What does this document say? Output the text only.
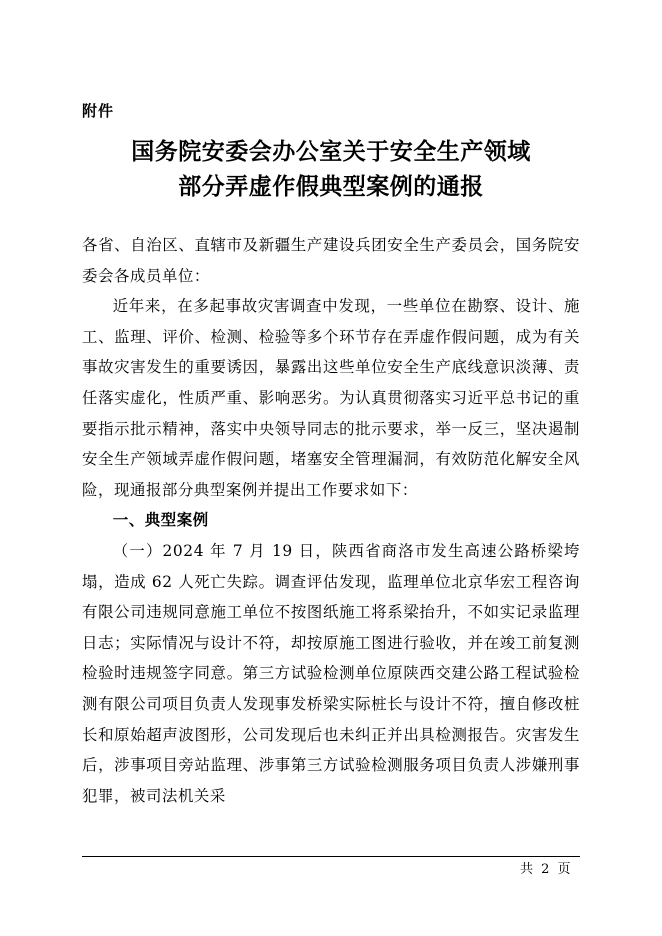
附件
国务院安委会办公室关于安全生产领域
部分弄虚作假典型案例的通报

各省、自治区、直辖市及新疆生产建设兵团安全生产委员会，国务院安委会各成员单位：

近年来，在多起事故灾害调查中发现，一些单位在勘察、设计、施工、监理、评价、检测、检验等多个环节存在弄虚作假问题，成为有关事故灾害发生的重要诱因，暴露出这些单位安全生产底线意识淡薄、责任落实虚化，性质严重、影响恶劣。为认真贯彻落实习近平总书记的重要指示批示精神，落实中央领导同志的批示要求，举一反三，坚决遏制安全生产领域弄虚作假问题，堵塞安全管理漏洞，有效防范化解安全风险，现通报部分典型案例并提出工作要求如下：

一、典型案例

（一）2024 年 7 月 19 日，陕西省商洛市发生高速公路桥梁垮塌，造成 62 人死亡失踪。调查评估发现，监理单位北京华宏工程咨询有限公司违规同意施工单位不按图纸施工将系梁抬升，不如实记录监理日志；实际情况与设计不符，却按原施工图进行验收，并在竣工前复测检验时违规签字同意。第三方试验检测单位原陕西交建公路工程试验检测有限公司项目负责人发现事发桥梁实际桩长与设计不符，擅自修改桩长和原始超声波图形，公司发现后也未纠正并出具检测报告。灾害发生后，涉事项目旁站监理、涉事第三方试验检测服务项目负责人涉嫌刑事犯罪，被司法机关采

共 2 页
